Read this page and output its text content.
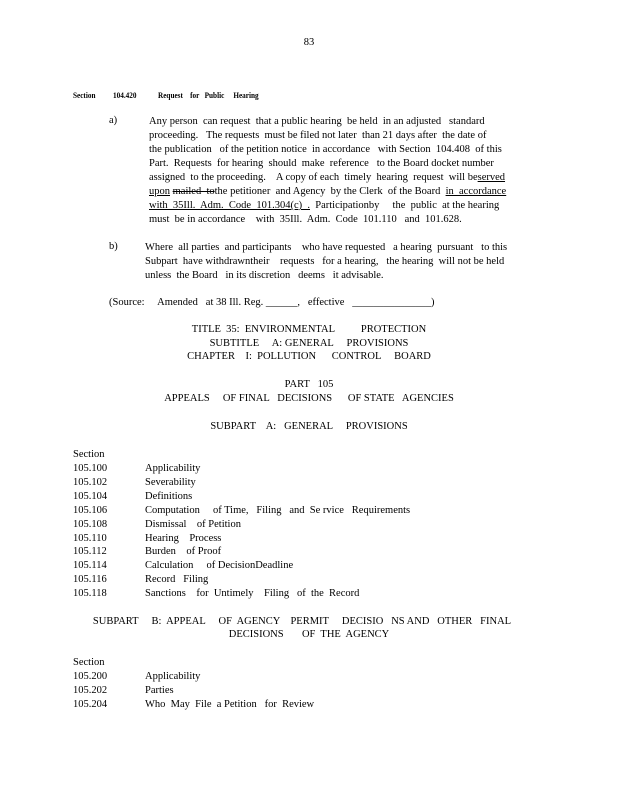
83
Section 104.420	Request    for   Public     Hearing
a)	Any person  can request  that a public hearing  be held  in an adjusted   standard
proceeding.   The requests  must be filed not later  than 21 days after  the date of
the publication   of the petition notice  in accordance   with Section  104.408  of this
Part.  Requests  for hearing  should  make  reference   to the Board docket number
assigned  to the proceeding.    A copy of each  timely  hearing  request  will beserved
upon mailed  tothe petitioner  and Agency  by the Clerk  of the Board  in  accordance
with  35Ill.  Adm.  Code  101.304(c)  .  Participationby     the  public  at the hearing
must  be in accordance    with  35Ill.  Adm.  Code  101.110   and  101.628.
b)	Where  all parties  and participants    who have requested   a hearing  pursuant   to this
Subpart  have withdrawntheir    requests   for a hearing,   the hearing  will not be held
unless  the Board   in its discretion   deems   it advisable.
(Source:     Amended   at 38 Ill. Reg. ______,   effective   _______________)
TITLE  35:  ENVIRONMENTAL          PROTECTION
SUBTITLE     A: GENERAL     PROVISIONS
CHAPTER    I:  POLLUTION      CONTROL     BOARD
PART   105
APPEALS     OF FINAL   DECISIONS      OF STATE   AGENCIES
SUBPART    A:   GENERAL     PROVISIONS
Section
105.100	Applicability
105.102	Severability
105.104	Definitions
105.106	Computation     of Time,   Filing   and  Se rvice   Requirements
105.108	Dismissal    of Petition
105.110	Hearing    Process
105.112	Burden    of Proof
105.114	Calculation     of DecisionDeadline
105.116	Record   Filing
105.118	Sanctions    for  Untimely    Filing   of  the  Record
SUBPART     B:  APPEAL     OF  AGENCY    PERMIT     DECISIO   NS AND   OTHER   FINAL
DECISIONS       OF  THE  AGENCY
Section
105.200	Applicability
105.202	Parties
105.204	Who  May  File  a Petition   for  Review
